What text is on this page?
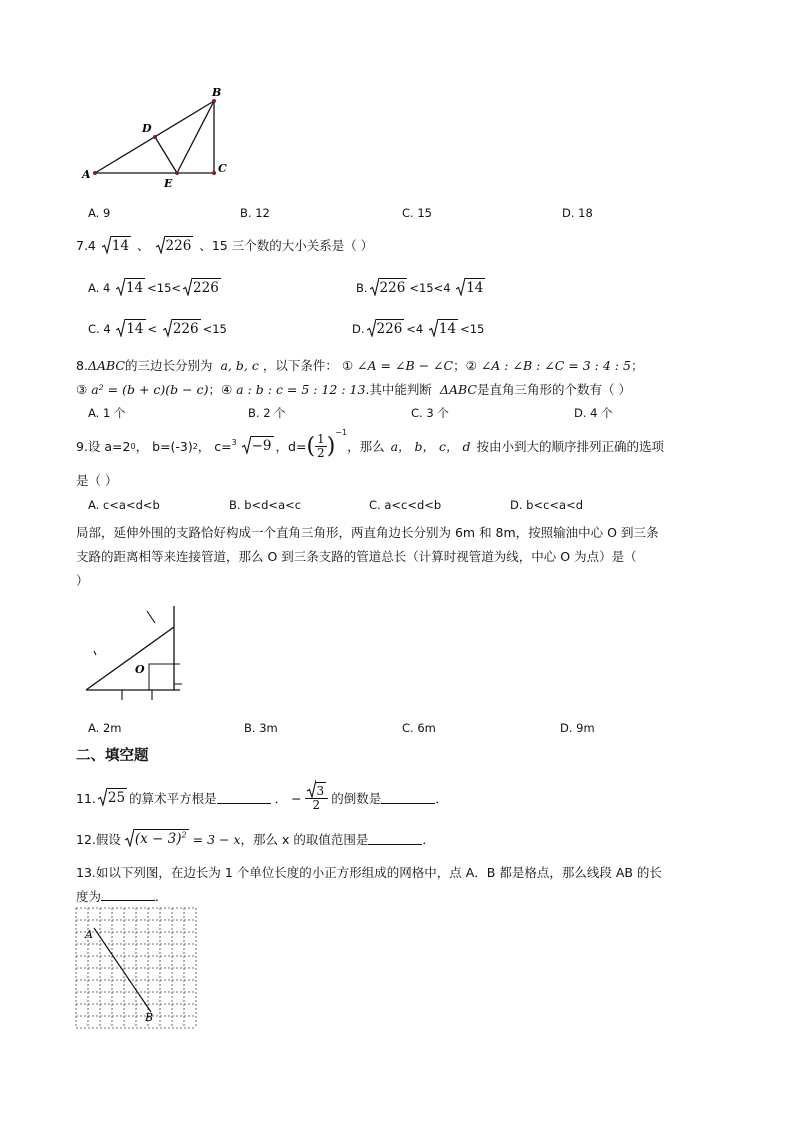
A
B
C
D
E
A. 9	B. 12	C. 15	D. 18
7.4 14 、 226 、15 三个数的大小关系是（ ）
A. 4 14 <15< 226	B. 226 <15<4 14
C. 4 14 < 226 <15	D. 226 <4 14 <15
8.ΔABC的三边长分别为 a, b, c ，以下条件： ① ∠A = ∠B − ∠C；② ∠A : ∠B : ∠C = 3 : 4 : 5；
③ a² = (b + c)(b − c)；④ a : b : c = 5 : 12 : 13.其中能判断 ΔABC是直角三角形的个数有（ ）
A. 1 个	B. 2 个	C. 3 个	D. 4 个
9.设 a=2 0 ， b=(-3) 2 ， c= 3 −9 ，d= ( $\frac{1}{2}$ )
$^{-1}$
，那么 a， b， c， d 按由小到大的顺序排列正确的选项
是（ ）
A. c<a<d<b	B. b<d<a<c	C. a<c<d<b	D. b<c<a<d
局部，延伸外围的支路恰好构成一个直角三角形，两直角边长分别为 6m 和 8m，按照输油中心 O 到三条
支路的距离相等来连接管道，那么 O 到三条支路的管道总长（计算时视管道为线，中心 O 为点）是（
）
O
A. 2m	B. 3m	C. 6m	D. 9m
二、填空题
11. 25 的算术平方根是	． − $\frac{3}{2}$ 的倒数是	．
12.假设	$(x - 3)^2 = 3 - x$ ，那么 x 的取值范围是	．
13.如以下列图，在边长为 1 个单位长度的小正方形组成的网格中，点 A．B 都是格点，那么线段 AB 的长
度为	．
A
B
